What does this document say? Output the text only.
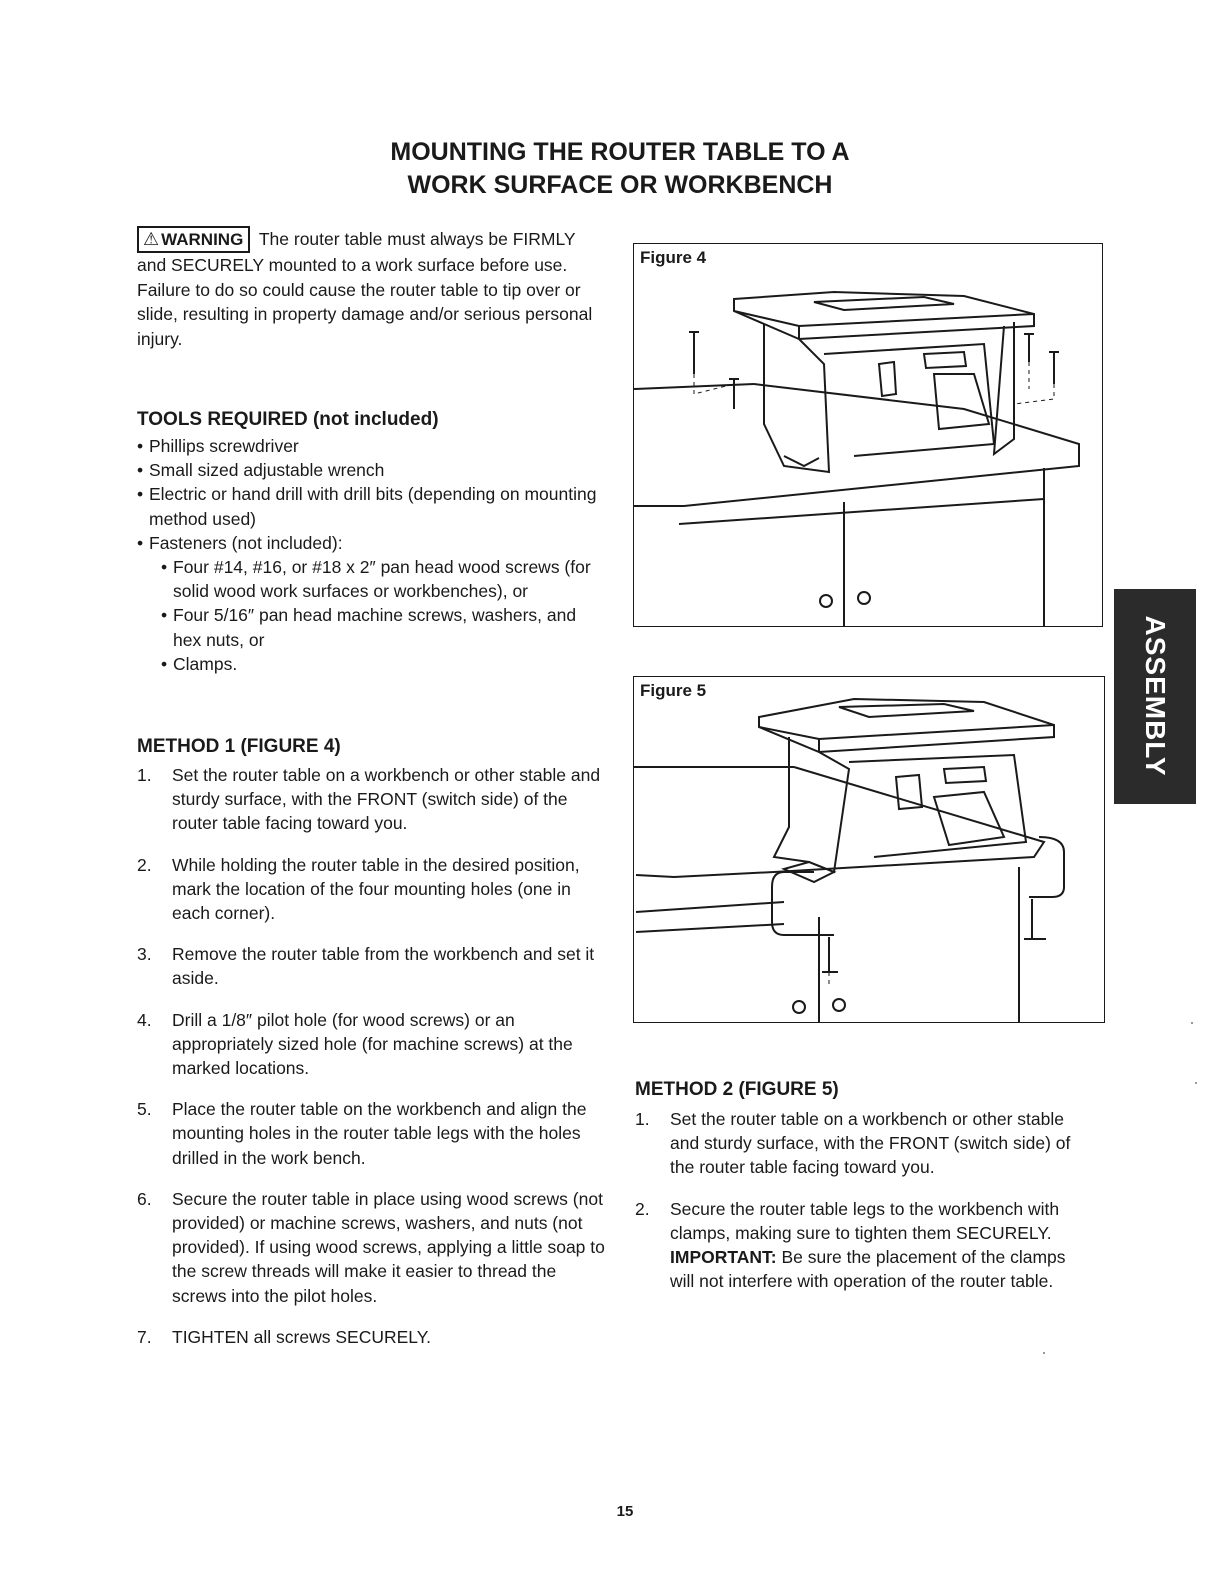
MOUNTING THE ROUTER TABLE TO A
WORK SURFACE OR WORKBENCH
⚠ WARNING The router table must always be FIRMLY and SECURELY mounted to a work surface before use. Failure to do so could cause the router table to tip over or slide, resulting in property damage and/or serious personal injury.
TOOLS REQUIRED (not included)
• Phillips screwdriver
• Small sized adjustable wrench
• Electric or hand drill with drill bits (depending on mounting method used)
• Fasteners (not included):
• Four #14, #16, or #18 x 2″ pan head wood screws (for solid wood work surfaces or workbenches), or
• Four 5/16″ pan head machine screws, washers, and hex nuts, or
• Clamps.
METHOD 1 (FIGURE 4)
1. Set the router table on a workbench or other stable and sturdy surface, with the FRONT (switch side) of the router table facing toward you.
2. While holding the router table in the desired position, mark the location of the four mounting holes (one in each corner).
3. Remove the router table from the workbench and set it aside.
4. Drill a 1/8″ pilot hole (for wood screws) or an appropriately sized hole (for machine screws) at the marked locations.
5. Place the router table on the workbench and align the mounting holes in the router table legs with the holes drilled in the work bench.
6. Secure the router table in place using wood screws (not provided) or machine screws, washers, and nuts (not provided). If using wood screws, applying a little soap to the screw threads will make it easier to thread the screws into the pilot holes.
7. TIGHTEN all screws SECURELY.
Figure 4
Figure 5
METHOD 2 (FIGURE 5)
1. Set the router table on a workbench or other stable and sturdy surface, with the FRONT (switch side) of the router table facing toward you.
2. Secure the router table legs to the workbench with clamps, making sure to tighten them SECURELY.
IMPORTANT: Be sure the placement of the clamps will not interfere with operation of the router table.
ASSEMBLY
15
